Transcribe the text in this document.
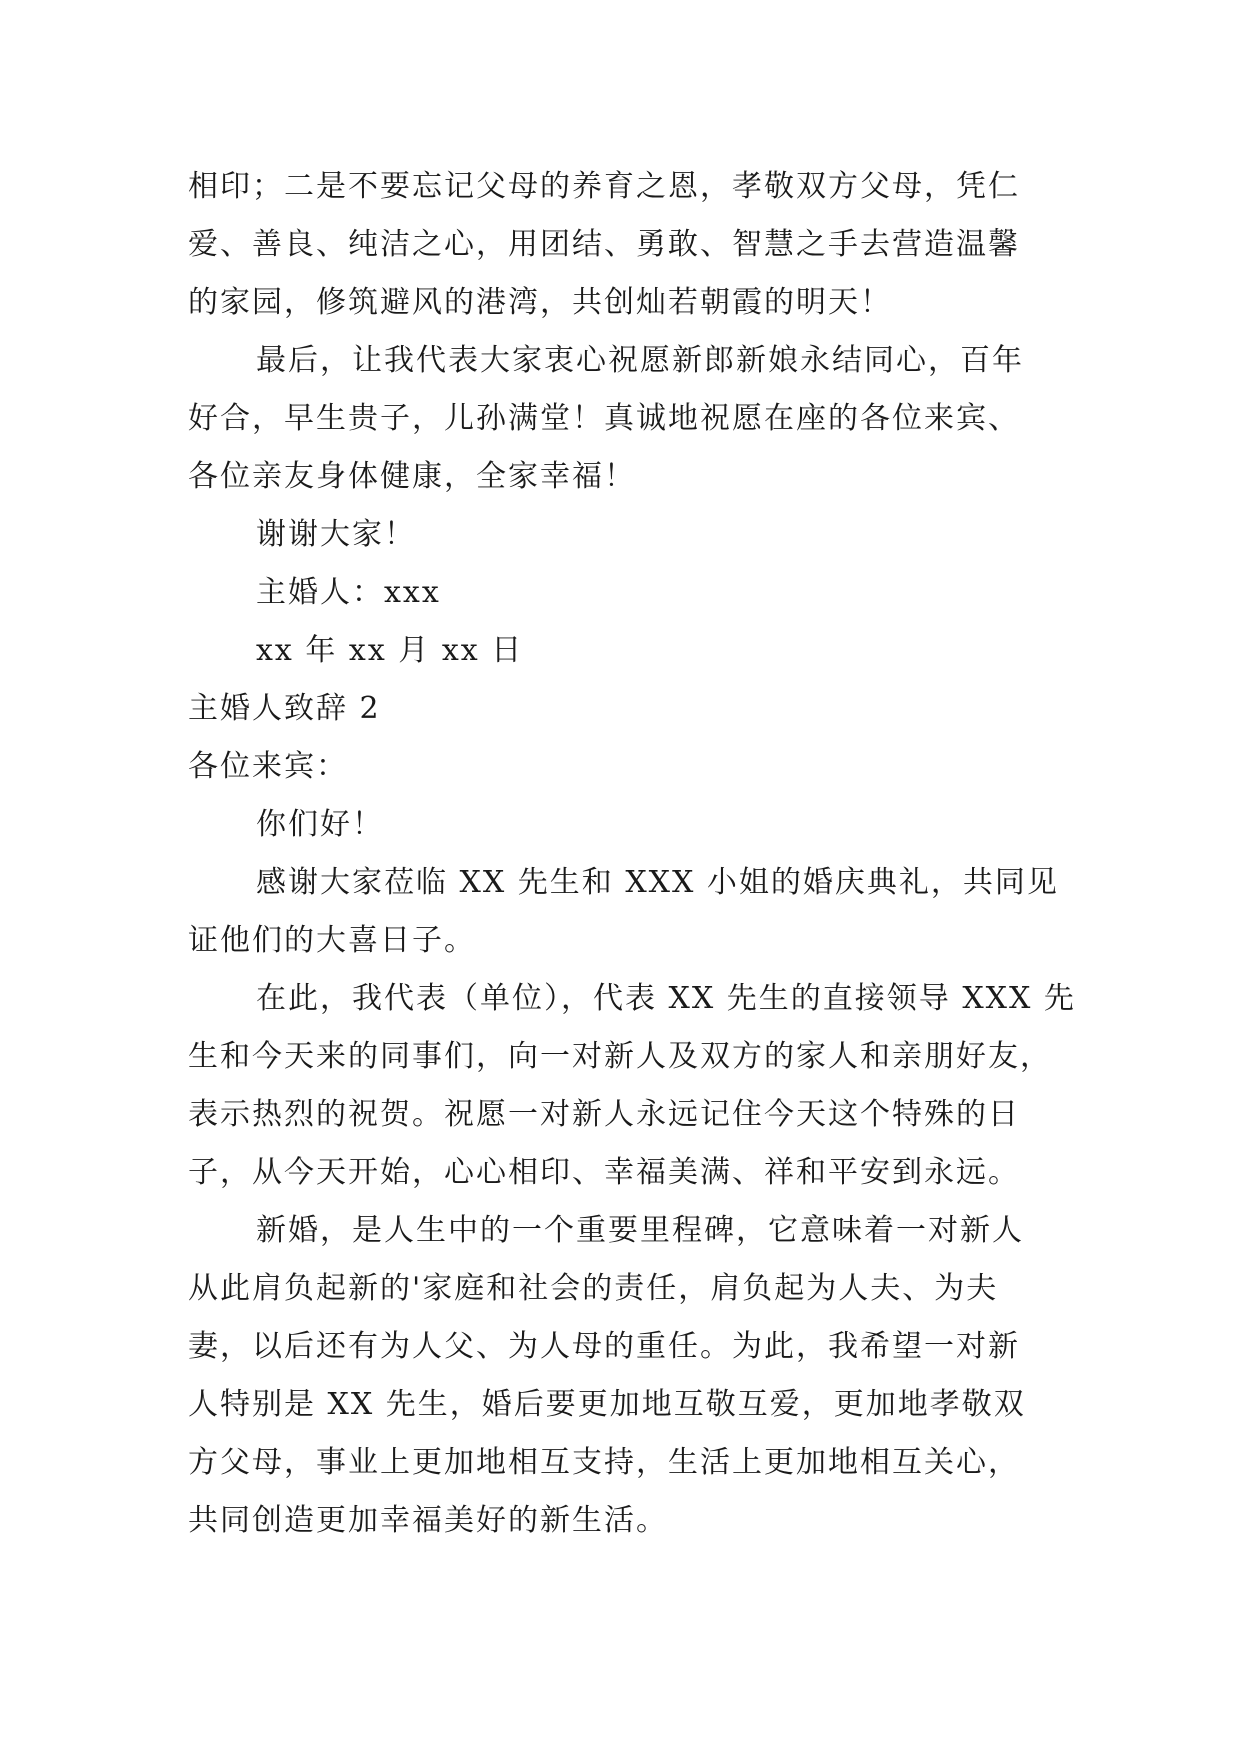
相印；二是不要忘记父母的养育之恩，孝敬双方父母，凭仁
爱、善良、纯洁之心，用团结、勇敢、智慧之手去营造温馨
的家园，修筑避风的港湾，共创灿若朝霞的明天！
最后，让我代表大家衷心祝愿新郎新娘永结同心，百年
好合，早生贵子，儿孙满堂！真诚地祝愿在座的各位来宾、
各位亲友身体健康，全家幸福！
谢谢大家！
主婚人：xxx
xx 年 xx 月 xx 日
主婚人致辞 2
各位来宾：
你们好！
感谢大家莅临 XX 先生和 XXX 小姐的婚庆典礼，共同见
证他们的大喜日子。
在此，我代表（单位），代表 XX 先生的直接领导 XXX 先
生和今天来的同事们，向一对新人及双方的家人和亲朋好友，
表示热烈的祝贺。祝愿一对新人永远记住今天这个特殊的日
子，从今天开始，心心相印、幸福美满、祥和平安到永远。
新婚，是人生中的一个重要里程碑，它意味着一对新人
从此肩负起新的'家庭和社会的责任，肩负起为人夫、为夫
妻，以后还有为人父、为人母的重任。为此，我希望一对新
人特别是 XX 先生，婚后要更加地互敬互爱，更加地孝敬双
方父母，事业上更加地相互支持，生活上更加地相互关心，
共同创造更加幸福美好的新生活。
